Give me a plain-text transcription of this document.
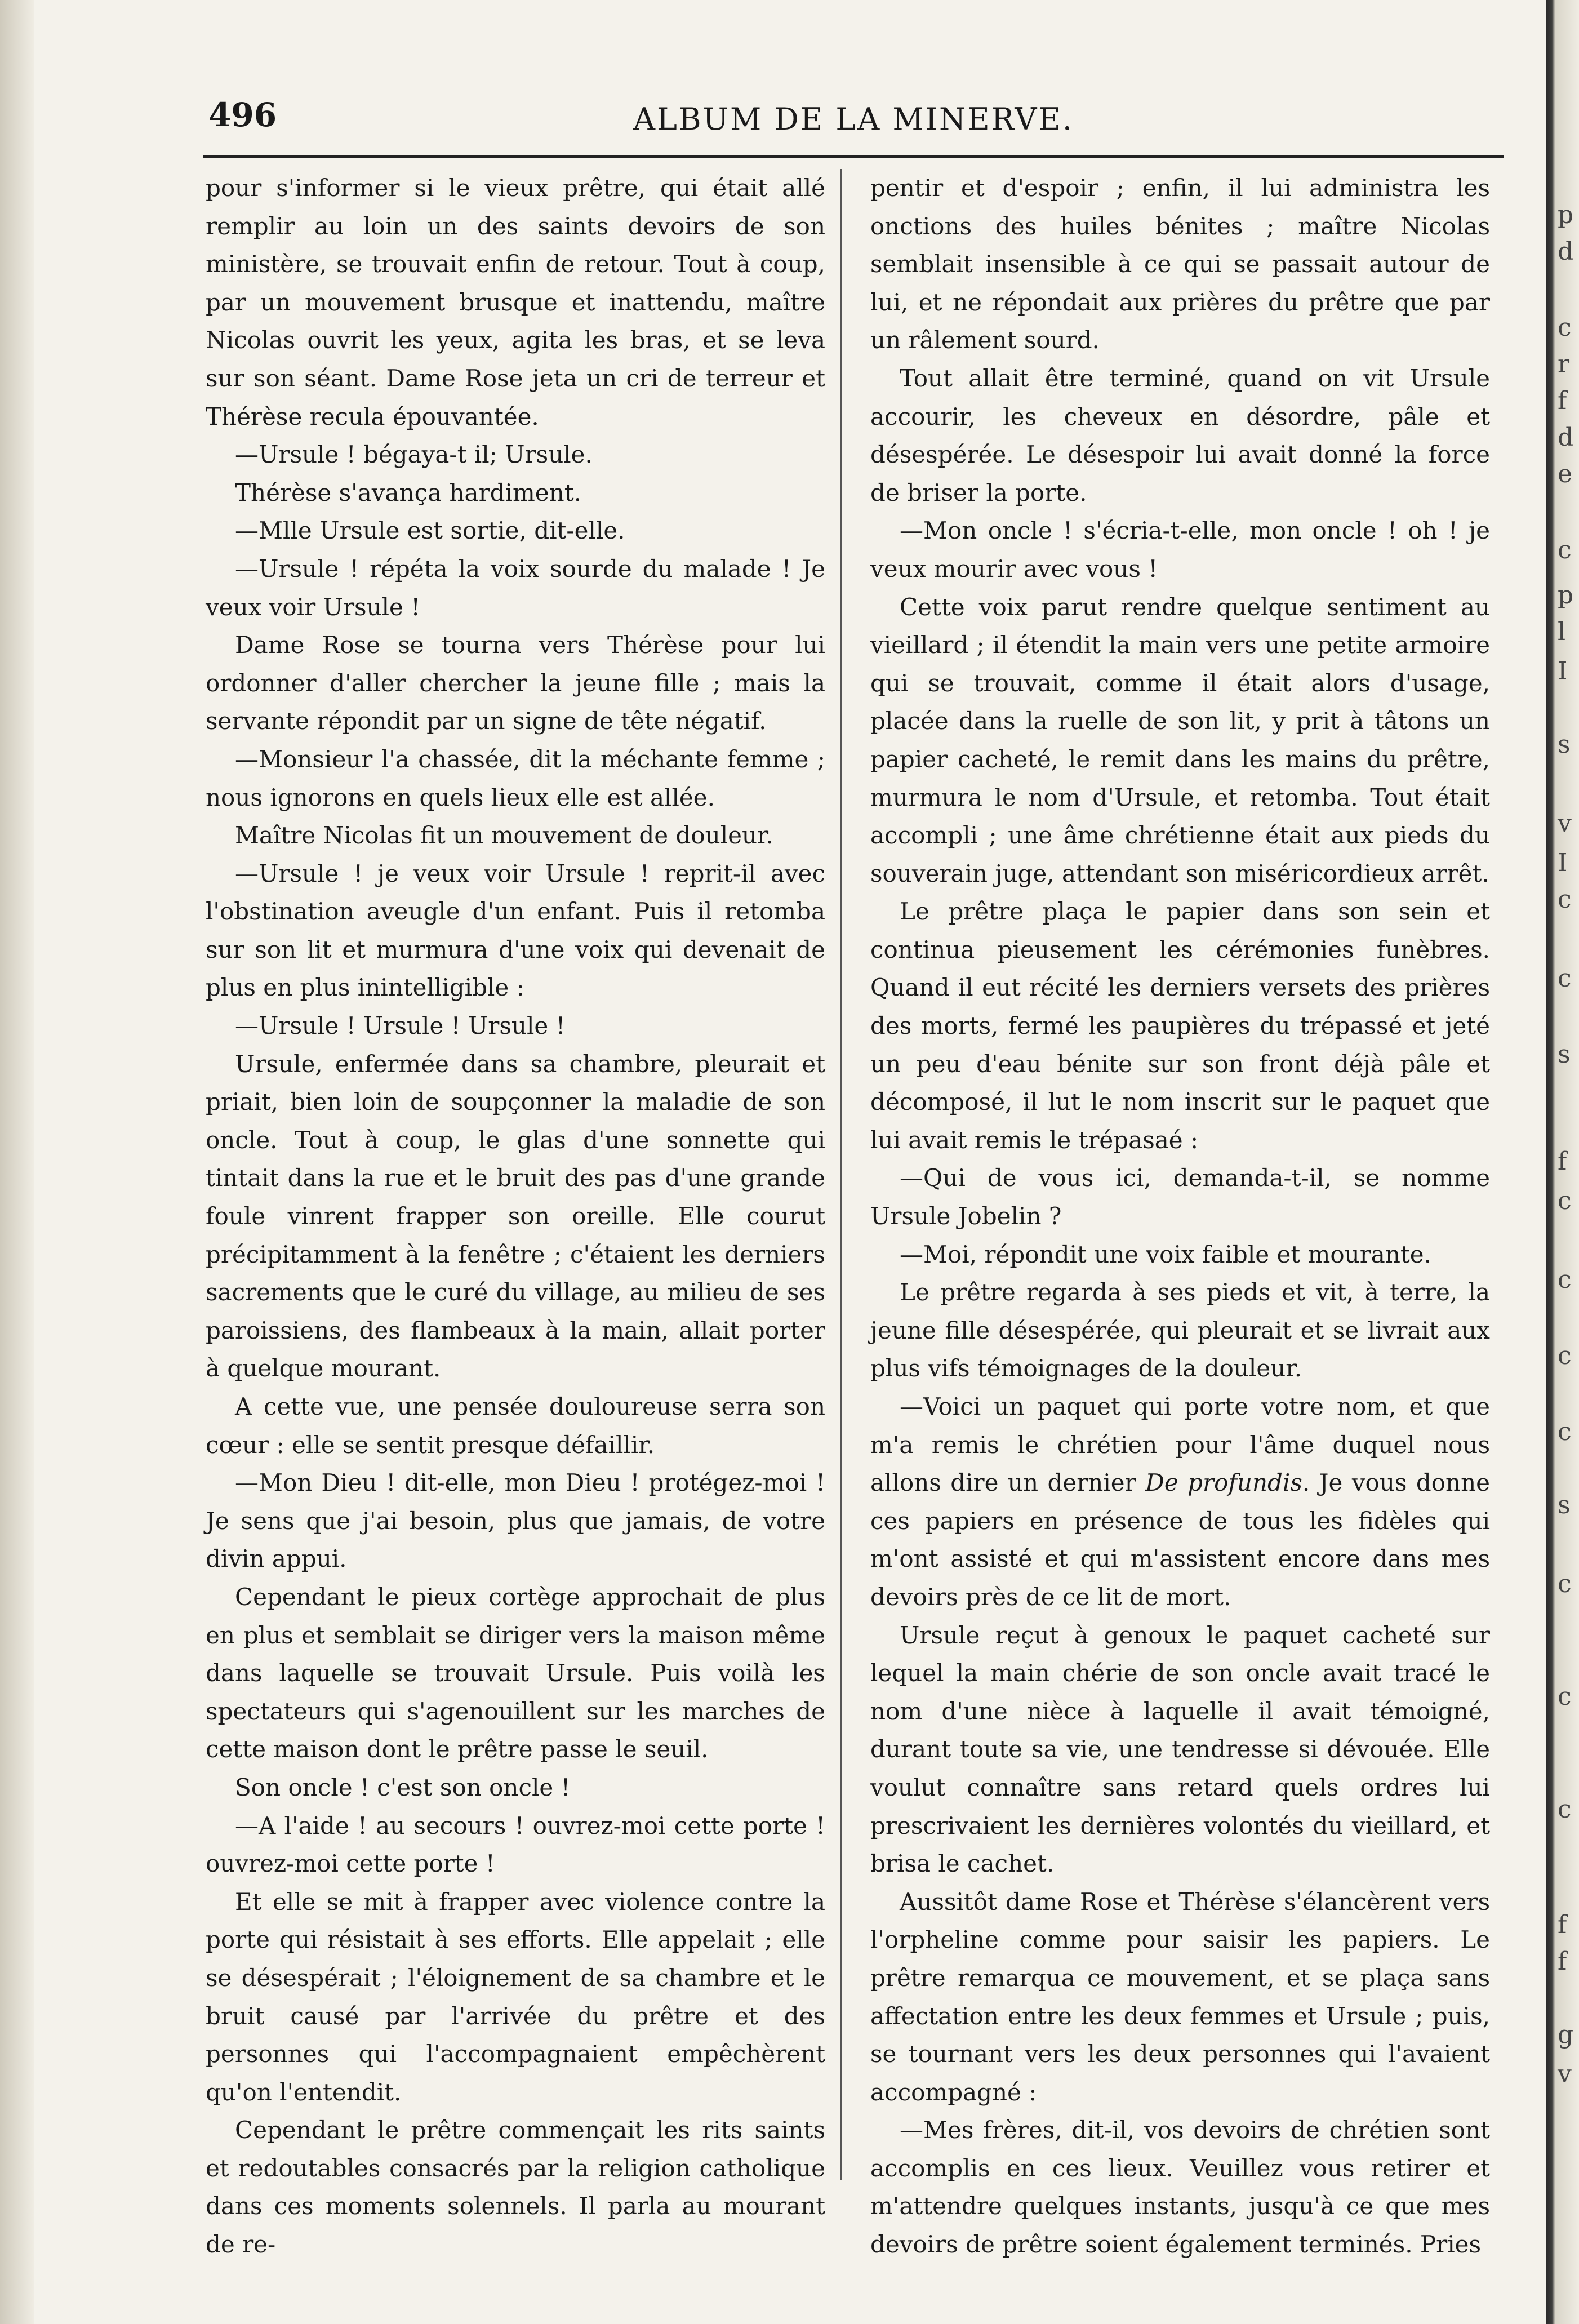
496	ALBUM DE LA MINERVE.

pour s'informer si le vieux prêtre, qui était allé remplir au loin un des saints devoirs de son ministère, se trouvait enfin de retour. Tout à coup, par un mouvement brusque et inattendu, maître Nicolas ouvrit les yeux, agita les bras, et se leva sur son séant. Dame Rose jeta un cri de terreur et Thérèse recula épouvantée.

—Ursule ! bégaya-t il; Ursule.

Thérèse s'avança hardiment.

—Mlle Ursule est sortie, dit-elle.

—Ursule ! répéta la voix sourde du malade ! Je veux voir Ursule !

Dame Rose se tourna vers Thérèse pour lui ordonner d'aller chercher la jeune fille ; mais la servante répondit par un signe de tête négatif.

—Monsieur l'a chassée, dit la méchante femme ; nous ignorons en quels lieux elle est allée.

Maître Nicolas fit un mouvement de douleur.

—Ursule ! je veux voir Ursule ! reprit-il avec l'obstination aveugle d'un enfant. Puis il retomba sur son lit et murmura d'une voix qui devenait de plus en plus inintelligible :

—Ursule ! Ursule ! Ursule !

Ursule, enfermée dans sa chambre, pleurait et priait, bien loin de soupçonner la maladie de son oncle. Tout à coup, le glas d'une sonnette qui tintait dans la rue et le bruit des pas d'une grande foule vinrent frapper son oreille. Elle courut précipitamment à la fenêtre ; c'étaient les derniers sacrements que le curé du village, au milieu de ses paroissiens, des flambeaux à la main, allait porter à quelque mourant.

A cette vue, une pensée douloureuse serra son cœur : elle se sentit presque défaillir.

—Mon Dieu ! dit-elle, mon Dieu ! protégez-moi ! Je sens que j'ai besoin, plus que jamais, de votre divin appui.

Cependant le pieux cortège approchait de plus en plus et semblait se diriger vers la maison même dans laquelle se trouvait Ursule. Puis voilà les spectateurs qui s'agenouillent sur les marches de cette maison dont le prêtre passe le seuil.

Son oncle ! c'est son oncle !

—A l'aide ! au secours ! ouvrez-moi cette porte ! ouvrez-moi cette porte !

Et elle se mit à frapper avec violence contre la porte qui résistait à ses efforts. Elle appelait ; elle se désespérait ; l'éloignement de sa chambre et le bruit causé par l'arrivée du prêtre et des personnes qui l'accompagnaient empêchèrent qu'on l'entendit.

Cependant le prêtre commençait les rits saints et redoutables consacrés par la religion catholique dans ces moments solennels. Il parla au mourant de re-

pentir et d'espoir ; enfin, il lui administra les onctions des huiles bénites ; maître Nicolas semblait insensible à ce qui se passait autour de lui, et ne répondait aux prières du prêtre que par un râlement sourd.

Tout allait être terminé, quand on vit Ursule accourir, les cheveux en désordre, pâle et désespérée. Le désespoir lui avait donné la force de briser la porte.

—Mon oncle ! s'écria-t-elle, mon oncle ! oh ! je veux mourir avec vous !

Cette voix parut rendre quelque sentiment au vieillard ; il étendit la main vers une petite armoire qui se trouvait, comme il était alors d'usage, placée dans la ruelle de son lit, y prit à tâtons un papier cacheté, le remit dans les mains du prêtre, murmura le nom d'Ursule, et retomba. Tout était accompli ; une âme chrétienne était aux pieds du souverain juge, attendant son miséricordieux arrêt.

Le prêtre plaça le papier dans son sein et continua pieusement les cérémonies funèbres. Quand il eut récité les derniers versets des prières des morts, fermé les paupières du trépassé et jeté un peu d'eau bénite sur son front déjà pâle et décomposé, il lut le nom inscrit sur le paquet que lui avait remis le trépasaé :

—Qui de vous ici, demanda-t-il, se nomme Ursule Jobelin ?

—Moi, répondit une voix faible et mourante.

Le prêtre regarda à ses pieds et vit, à terre, la jeune fille désespérée, qui pleurait et se livrait aux plus vifs témoignages de la douleur.

—Voici un paquet qui porte votre nom, et que m'a remis le chrétien pour l'âme duquel nous allons dire un dernier De profundis. Je vous donne ces papiers en présence de tous les fidèles qui m'ont assisté et qui m'assistent encore dans mes devoirs près de ce lit de mort.

Ursule reçut à genoux le paquet cacheté sur lequel la main chérie de son oncle avait tracé le nom d'une nièce à laquelle il avait témoigné, durant toute sa vie, une tendresse si dévouée. Elle voulut connaître sans retard quels ordres lui prescrivaient les dernières volontés du vieillard, et brisa le cachet.

Aussitôt dame Rose et Thérèse s'élancèrent vers l'orpheline comme pour saisir les papiers. Le prêtre remarqua ce mouvement, et se plaça sans affectation entre les deux femmes et Ursule ; puis, se tournant vers les deux personnes qui l'avaient accompagné :

—Mes frères, dit-il, vos devoirs de chrétien sont accomplis en ces lieux. Veuillez vous retirer et m'attendre quelques instants, jusqu'à ce que mes devoirs de prêtre soient également terminés. Pries

p
d
c
r
f
d
e
c
p
l
I
s
v
I
c
c
s
f
c
c
c
c
s
c
c
c
f
f
g
v
